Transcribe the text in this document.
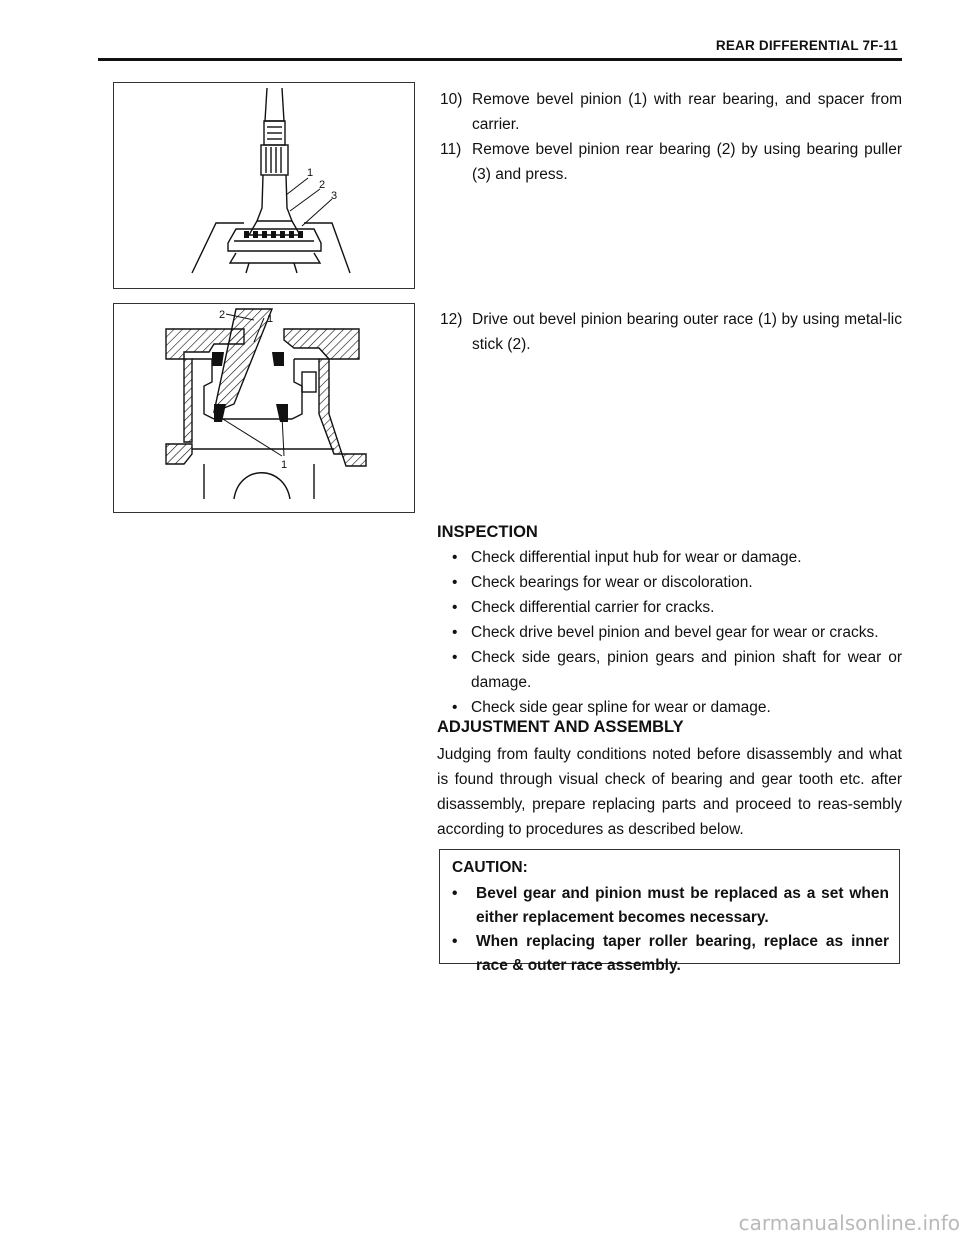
REAR DIFFERENTIAL 7F-11
1
2
3
2	1
1
10) Remove bevel pinion (1) with rear bearing, and spacer from carrier.
11) Remove bevel pinion rear bearing (2) by using bearing puller (3) and press.
12) Drive out bevel pinion bearing outer race (1) by using metal-lic stick (2).
INSPECTION
• Check differential input hub for wear or damage.
• Check bearings for wear or discoloration.
• Check differential carrier for cracks.
• Check drive bevel pinion and bevel gear for wear or cracks.
• Check side gears, pinion gears and pinion shaft for wear or damage.
• Check side gear spline for wear or damage.
ADJUSTMENT AND ASSEMBLY

Judging from faulty conditions noted before disassembly and what is found through visual check of bearing and gear tooth etc. after disassembly, prepare replacing parts and proceed to reas-sembly according to procedures as described below.

CAUTION:
• Bevel gear and pinion must be replaced as a set when either replacement becomes necessary.
• When replacing taper roller bearing, replace as inner race & outer race assembly.
carmanualsonline.info
